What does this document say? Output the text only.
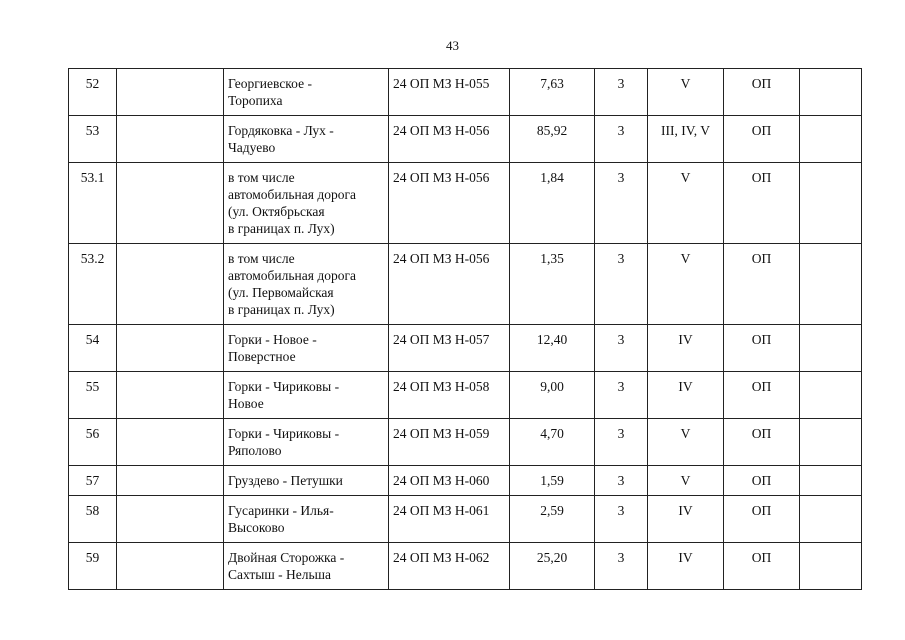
43
52		Георгиевское -
Торопиха	24 ОП МЗ Н-055	7,63	3	V	ОП	
53		Гордяковка - Лух -
Чадуево	24 ОП МЗ Н-056	85,92	3	III, IV, V	ОП	
53.1		в том числе
автомобильная дорога
(ул. Октябрьская
в границах п. Лух)	24 ОП МЗ Н-056	1,84	3	V	ОП	
53.2		в том числе
автомобильная дорога
(ул. Первомайская
в границах п. Лух)	24 ОП МЗ Н-056	1,35	3	V	ОП	
54		Горки - Новое -
Поверстное	24 ОП МЗ Н-057	12,40	3	IV	ОП	
55		Горки - Чириковы -
Новое	24 ОП МЗ Н-058	9,00	3	IV	ОП	
56		Горки - Чириковы -
Ряполово	24 ОП МЗ Н-059	4,70	3	V	ОП	
57		Груздево - Петушки	24 ОП МЗ Н-060	1,59	3	V	ОП	
58		Гусаринки - Илья-
Высоково	24 ОП МЗ Н-061	2,59	3	IV	ОП	
59		Двойная Сторожка -
Сахтыш - Нельша	24 ОП МЗ Н-062	25,20	3	IV	ОП	
